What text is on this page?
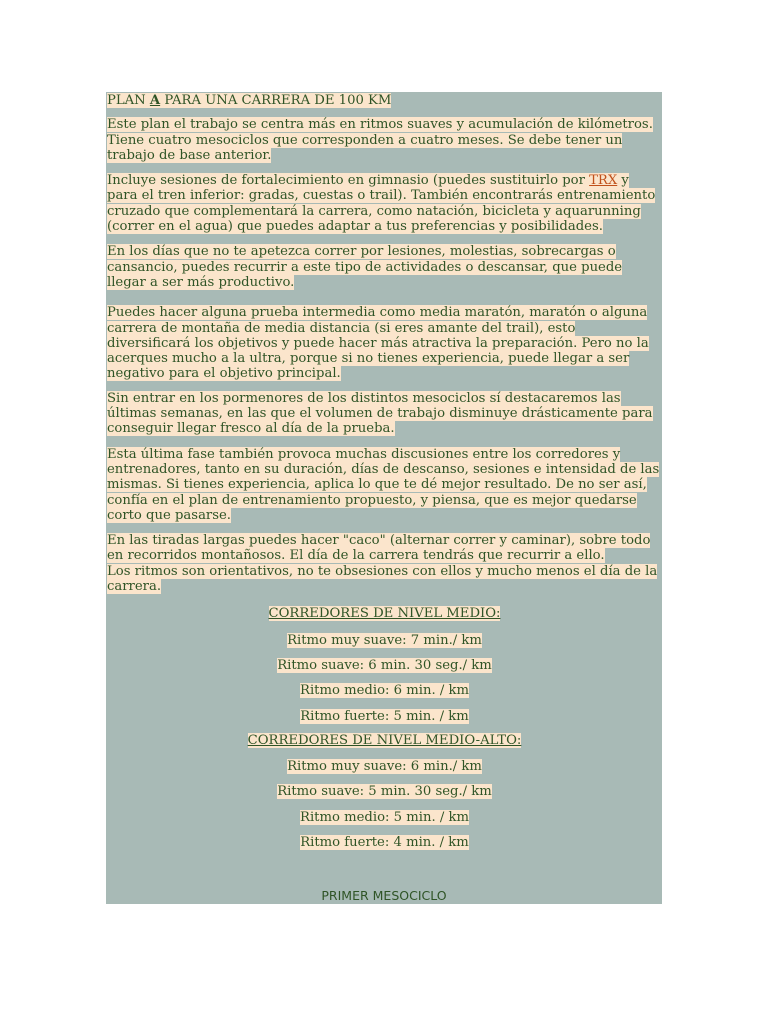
PLAN A PARA UNA CARRERA DE 100 KM

Este plan el trabajo se centra más en ritmos suaves y acumulación de kilómetros. Tiene cuatro mesociclos que corresponden a cuatro meses. Se debe tener un trabajo de base anterior.

Incluye sesiones de fortalecimiento en gimnasio (puedes sustituirlo por TRX y para el tren inferior: gradas, cuestas o trail). También encontrarás entrenamiento cruzado que complementará la carrera, como natación, bicicleta y aquarunning (correr en el agua) que puedes adaptar a tus preferencias y posibilidades.

En los días que no te apetezca correr por lesiones, molestias, sobrecargas o cansancio, puedes recurrir a este tipo de actividades o descansar, que puede llegar a ser más productivo.

Puedes hacer alguna prueba intermedia como media maratón, maratón o alguna carrera de montaña de media distancia (si eres amante del trail), esto diversificará los objetivos y puede hacer más atractiva la preparación. Pero no la acerques mucho a la ultra, porque si no tienes experiencia, puede llegar a ser negativo para el objetivo principal.

Sin entrar en los pormenores de los distintos mesociclos sí destacaremos las últimas semanas, en las que el volumen de trabajo disminuye drásticamente para conseguir llegar fresco al día de la prueba.

Esta última fase también provoca muchas discusiones entre los corredores y entrenadores, tanto en su duración, días de descanso, sesiones e intensidad de las mismas. Si tienes experiencia, aplica lo que te dé mejor resultado. De no ser así, confía en el plan de entrenamiento propuesto, y piensa, que es mejor quedarse corto que pasarse.

En las tiradas largas puedes hacer "caco" (alternar correr y caminar), sobre todo en recorridos montañosos. El día de la carrera tendrás que recurrir a ello.
Los ritmos son orientativos, no te obsesiones con ellos y mucho menos el día de la carrera.

CORREDORES DE NIVEL MEDIO:

Ritmo muy suave: 7 min./ km

Ritmo suave: 6 min. 30 seg./ km

Ritmo medio: 6 min. / km

Ritmo fuerte: 5 min. / km

CORREDORES DE NIVEL MEDIO-ALTO:

Ritmo muy suave: 6 min./ km

Ritmo suave: 5 min. 30 seg./ km

Ritmo medio: 5 min. / km

Ritmo fuerte: 4 min. / km

PRIMER MESOCICLO
